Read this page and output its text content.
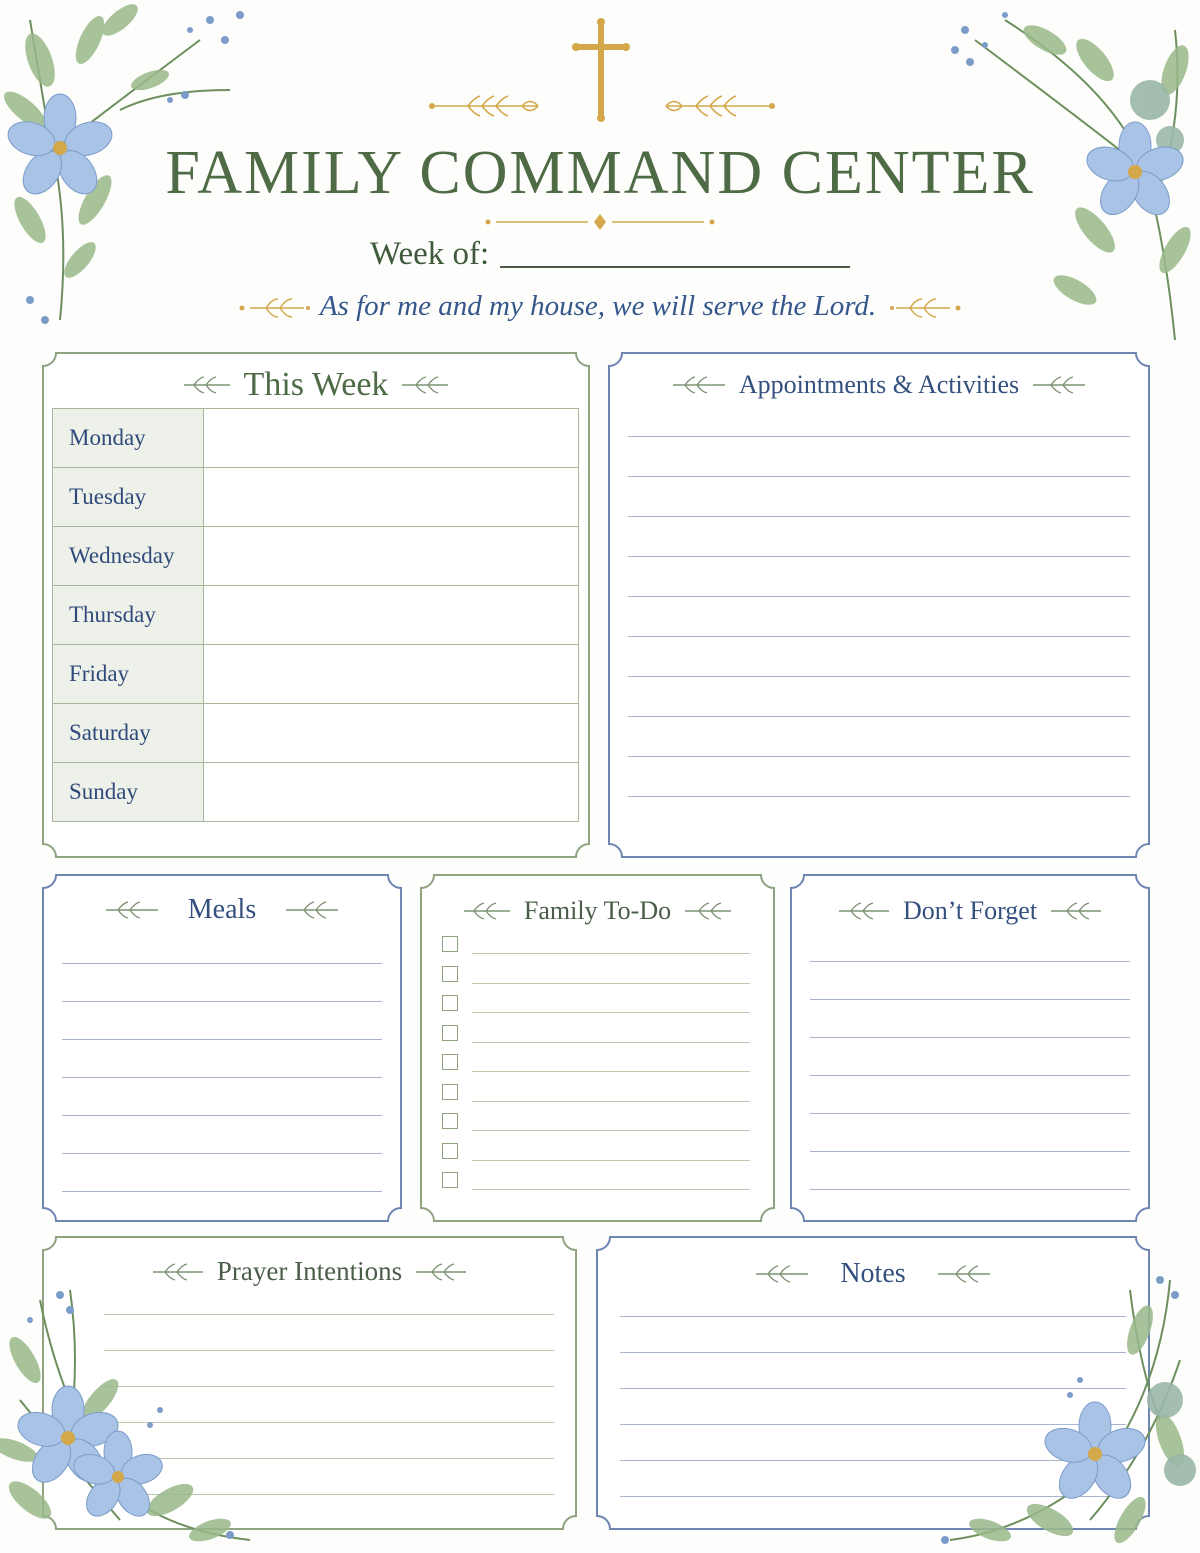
FAMILY COMMAND CENTER
Week of:
As for me and my house, we will serve the Lord.
This Week
Monday	
Tuesday	
Wednesday	
Thursday	
Friday	
Saturday	
Sunday	
Appointments & Activities
Meals	Family To-Do	Don’t Forget
Prayer Intentions	Notes
